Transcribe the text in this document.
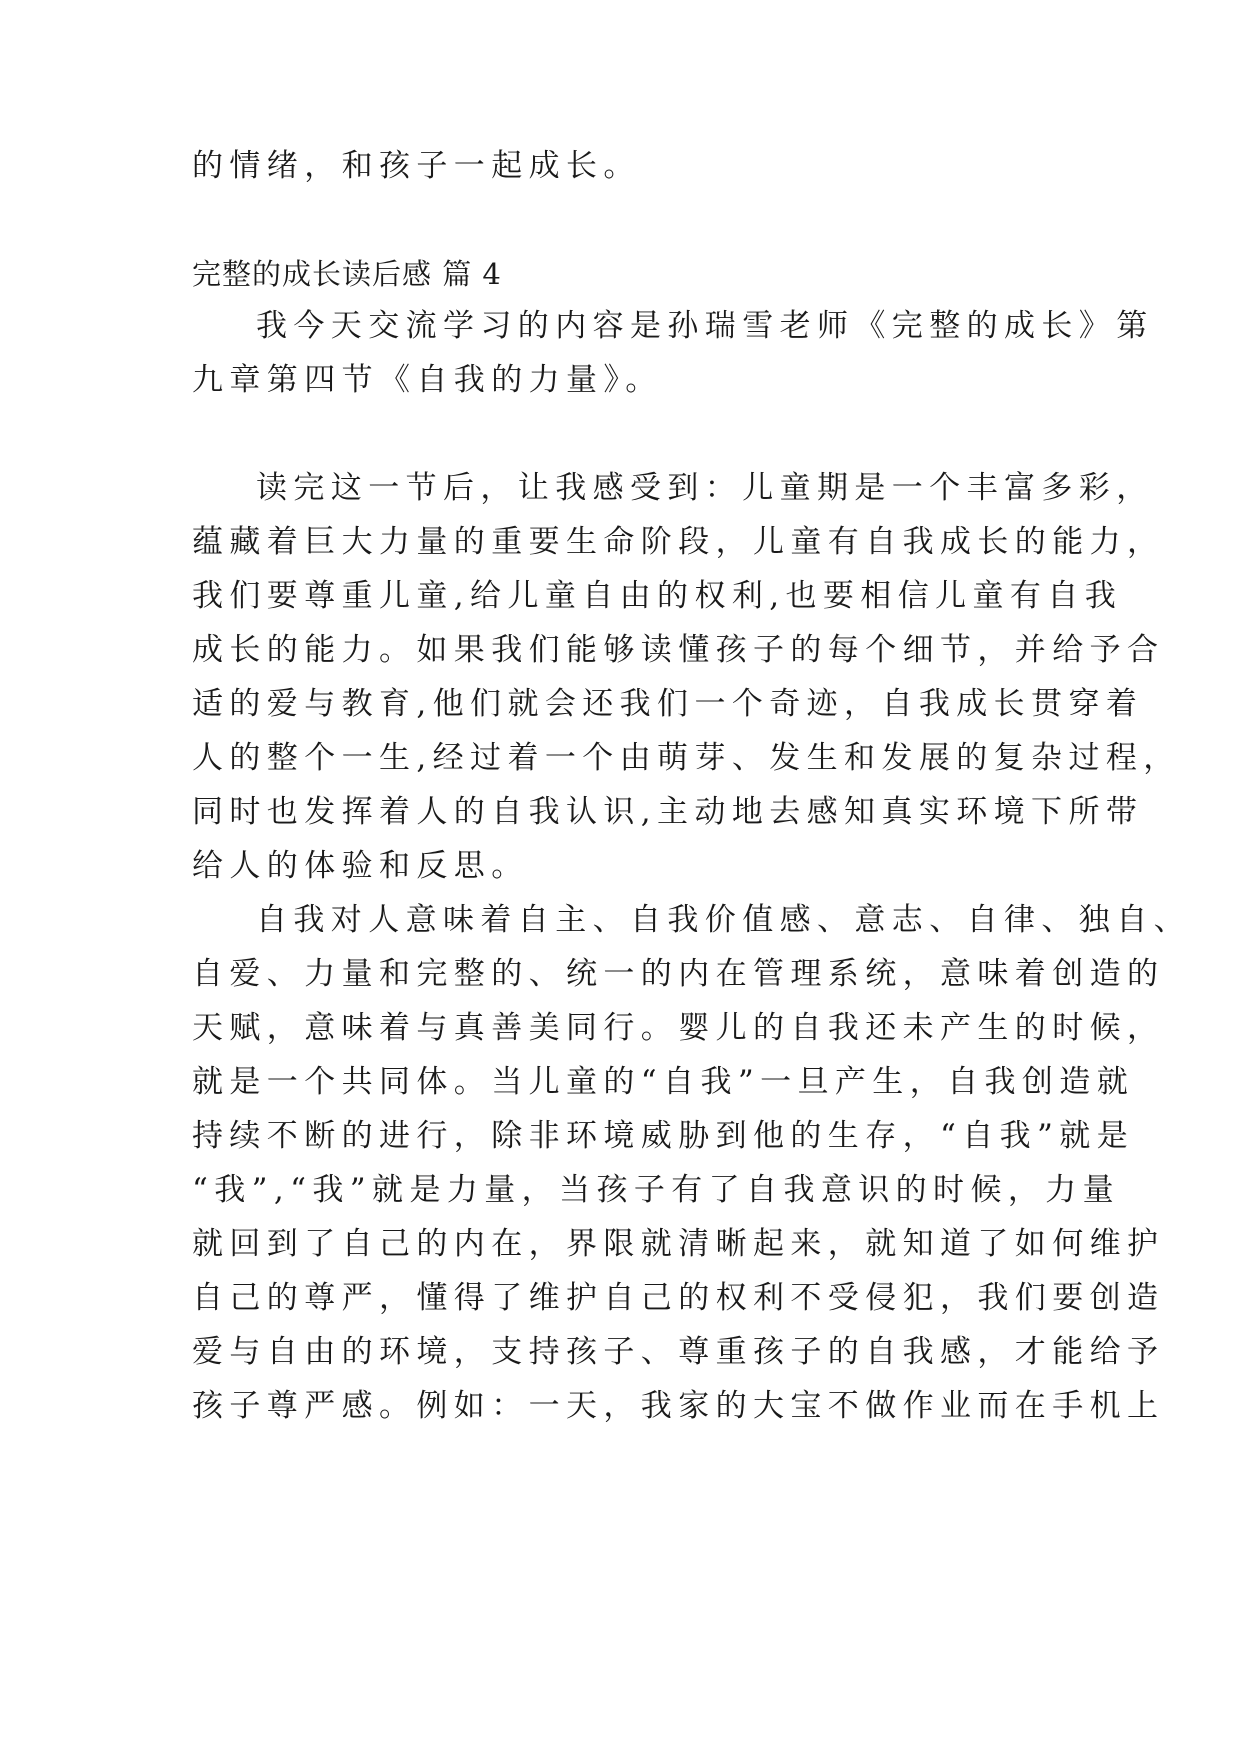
的情绪，和孩子一起成长。
完整的成长读后感 篇 4
我今天交流学习的内容是孙瑞雪老师《完整的成长》第
九章第四节《自我的力量》。
读完这一节后，让我感受到：儿童期是一个丰富多彩，
蕴藏着巨大力量的重要生命阶段，儿童有自我成长的能力，
我们要尊重儿童,给儿童自由的权利,也要相信儿童有自我
成长的能力。如果我们能够读懂孩子的每个细节，并给予合
适的爱与教育,他们就会还我们一个奇迹，自我成长贯穿着
人的整个一生,经过着一个由萌芽、发生和发展的复杂过程，
同时也发挥着人的自我认识,主动地去感知真实环境下所带
给人的体验和反思。
自我对人意味着自主、自我价值感、意志、自律、独自、
自爱、力量和完整的、统一的内在管理系统，意味着创造的
天赋，意味着与真善美同行。婴儿的自我还未产生的时候，
就是一个共同体。当儿童的“自我”一旦产生，自我创造就
持续不断的进行，除非环境威胁到他的生存，“自我”就是
“我”,“我”就是力量，当孩子有了自我意识的时候，力量
就回到了自己的内在，界限就清晰起来，就知道了如何维护
自己的尊严，懂得了维护自己的权利不受侵犯，我们要创造
爱与自由的环境，支持孩子、尊重孩子的自我感，才能给予
孩子尊严感。例如：一天，我家的大宝不做作业而在手机上
